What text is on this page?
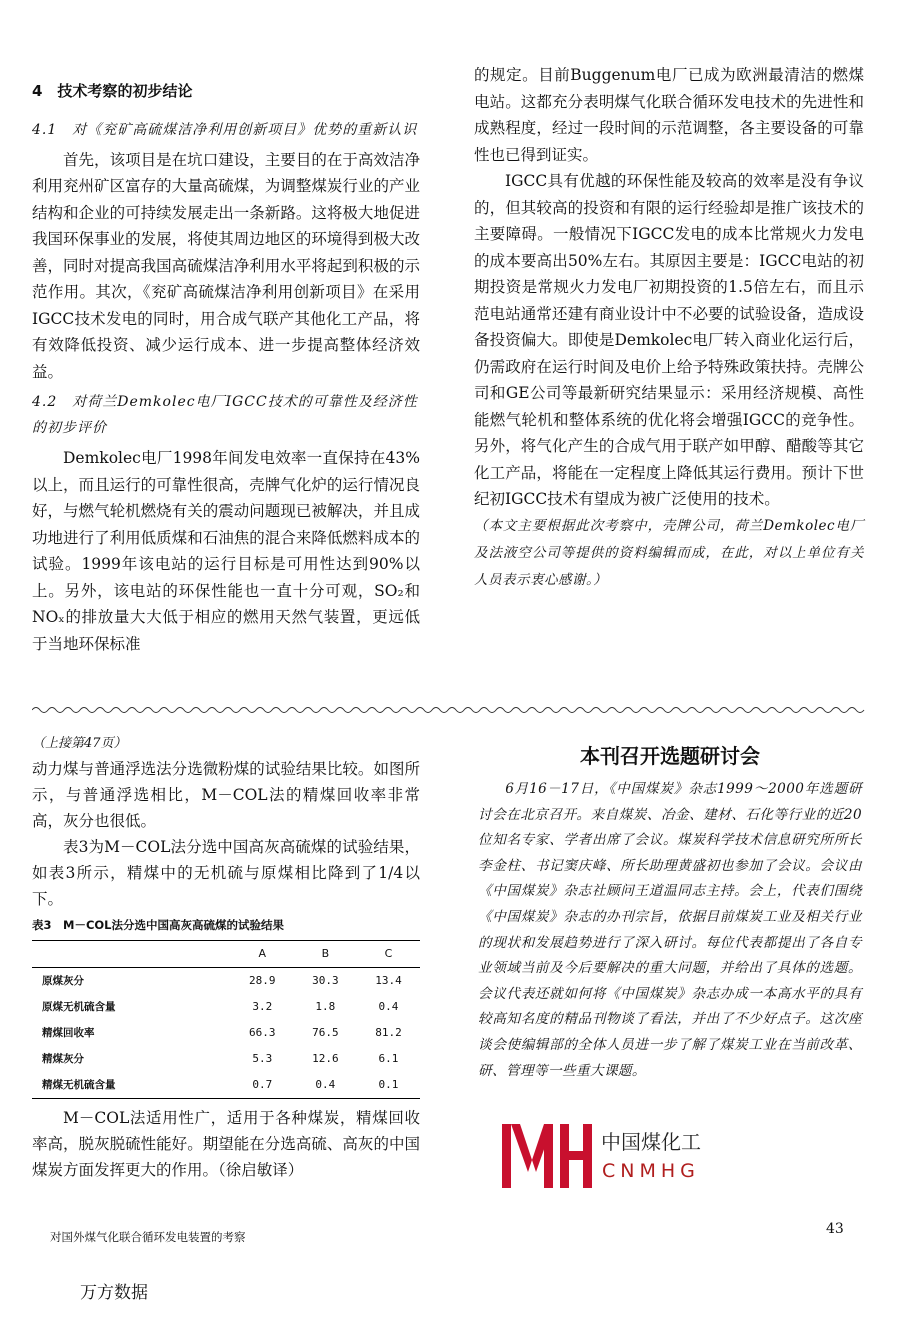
4　技术考察的初步结论
4.1　对《兖矿高硫煤洁净利用创新项目》优势的重新认识

首先，该项目是在坑口建设，主要目的在于高效洁净利用兖州矿区富存的大量高硫煤，为调整煤炭行业的产业结构和企业的可持续发展走出一条新路。这将极大地促进我国环保事业的发展，将使其周边地区的环境得到极大改善，同时对提高我国高硫煤洁净利用水平将起到积极的示范作用。其次，《兖矿高硫煤洁净利用创新项目》在采用IGCC技术发电的同时，用合成气联产其他化工产品，将有效降低投资、减少运行成本、进一步提高整体经济效益。

4.2　对荷兰Demkolec电厂IGCC技术的可靠性及经济性的初步评价

Demkolec电厂1998年间发电效率一直保持在43%以上，而且运行的可靠性很高，壳牌气化炉的运行情况良好，与燃气轮机燃烧有关的震动问题现已被解决，并且成功地进行了利用低质煤和石油焦的混合来降低燃料成本的试验。1999年该电站的运行目标是可用性达到90%以上。另外，该电站的环保性能也一直十分可观，SO₂和NOₓ的排放量大大低于相应的燃用天然气装置，更远低于当地环保标准

的规定。目前Buggenum电厂已成为欧洲最清洁的燃煤电站。这都充分表明煤气化联合循环发电技术的先进性和成熟程度，经过一段时间的示范调整，各主要设备的可靠性也已得到证实。

IGCC具有优越的环保性能及较高的效率是没有争议的，但其较高的投资和有限的运行经验却是推广该技术的主要障碍。一般情况下IGCC发电的成本比常规火力发电的成本要高出50%左右。其原因主要是：IGCC电站的初期投资是常规火力发电厂初期投资的1.5倍左右，而且示范电站通常还建有商业设计中不必要的试验设备，造成设备投资偏大。即使是Demkolec电厂转入商业化运行后，仍需政府在运行时间及电价上给予特殊政策扶持。壳牌公司和GE公司等最新研究结果显示：采用经济规模、高性能燃气轮机和整体系统的优化将会增强IGCC的竞争性。另外，将气化产生的合成气用于联产如甲醇、醋酸等其它化工产品，将能在一定程度上降低其运行费用。预计下世纪初IGCC技术有望成为被广泛使用的技术。

（本文主要根据此次考察中，壳牌公司，荷兰Demkolec电厂及法液空公司等提供的资料编辑而成，在此，对以上单位有关人员表示衷心感谢。）

（上接第47页）

动力煤与普通浮选法分选微粉煤的试验结果比较。如图所示，与普通浮选相比，M－COL法的精煤回收率非常高，灰分也很低。

表3为M－COL法分选中国高灰高硫煤的试验结果，如表3所示，精煤中的无机硫与原煤相比降到了1/4以下。

表3　M－COL法分选中国高灰高硫煤的试验结果
	A	B	C
原煤灰分	28.9	30.3	13.4
原煤无机硫含量	3.2	1.8	0.4
精煤回收率	66.3	76.5	81.2
精煤灰分	5.3	12.6	6.1
精煤无机硫含量	0.7	0.4	0.1

M－COL法适用性广，适用于各种煤炭，精煤回收率高，脱灰脱硫性能好。期望能在分选高硫、高灰的中国煤炭方面发挥更大的作用。（徐启敏译）

本刊召开选题研讨会

6月16－17日，《中国煤炭》杂志1999～2000年选题研讨会在北京召开。来自煤炭、冶金、建材、石化等行业的近20位知名专家、学者出席了会议。煤炭科学技术信息研究所所长李金柱、书记窦庆峰、所长助理黄盛初也参加了会议。会议由《中国煤炭》杂志社顾问王道温同志主持。会上，代表们围绕《中国煤炭》杂志的办刊宗旨，依据目前煤炭工业及相关行业的现状和发展趋势进行了深入研讨。每位代表都提出了各自专业领域当前及今后要解决的重大问题，并给出了具体的选题。会议代表还就如何将《中国煤炭》杂志办成一本高水平的具有较高知名度的精品刊物谈了看法，并出了不少好点子。这次座谈会使编辑部的全体人员进一步了解了煤炭工业在当前改革、研、管理等一些重大课题。

中国煤化工
CNMHG
对国外煤气化联合循环发电装置的考察	43
万方数据
